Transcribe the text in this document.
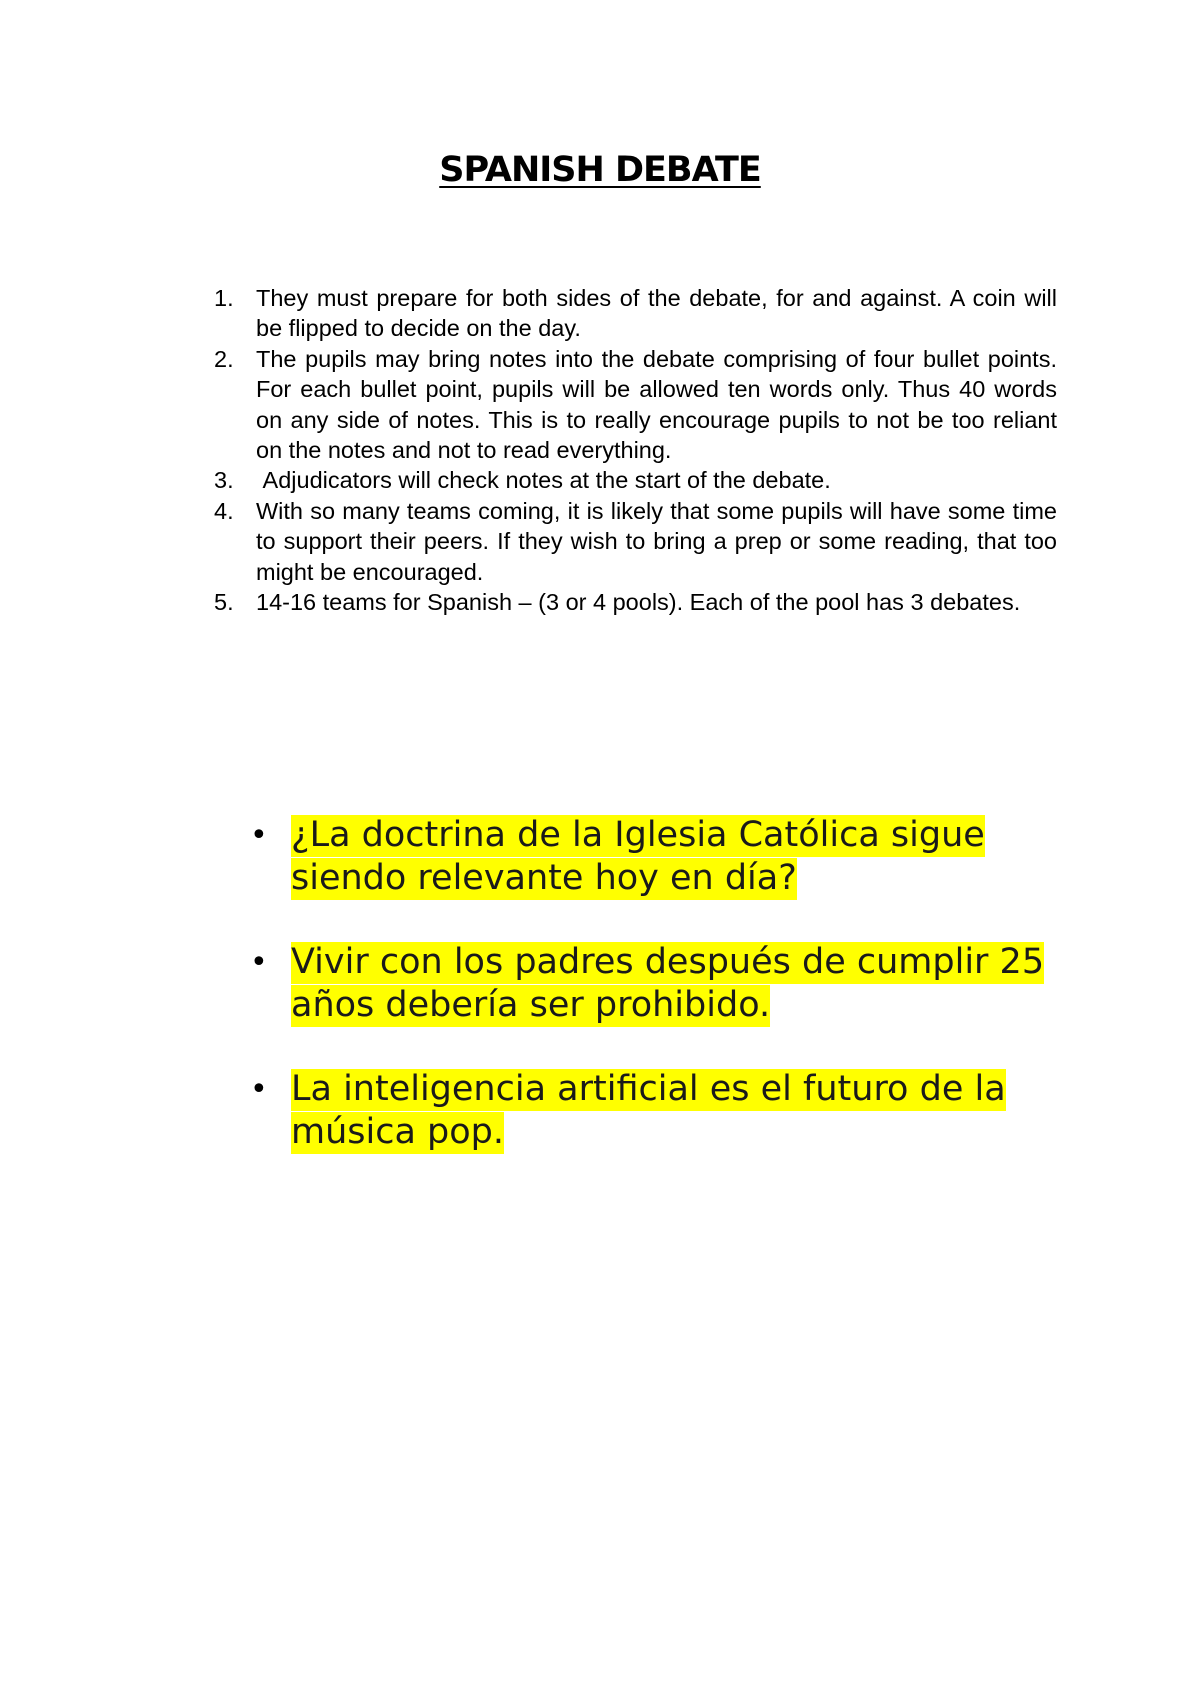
SPANISH DEBATE
1. They must prepare for both sides of the debate, for and against. A coin will be flipped to decide on the day.
2. The pupils may bring notes into the debate comprising of four bullet points. For each bullet point, pupils will be allowed ten words only. Thus 40 words on any side of notes. This is to really encourage pupils to not be too reliant on the notes and not to read everything.
3. Adjudicators will check notes at the start of the debate.
4. With so many teams coming, it is likely that some pupils will have some time to support their peers. If they wish to bring a prep or some reading, that too might be encouraged.
5. 14-16 teams for Spanish – (3 or 4 pools). Each of the pool has 3 debates.
• ¿La doctrina de la Iglesia Católica sigue siendo relevante hoy en día?
• Vivir con los padres después de cumplir 25 años debería ser prohibido.
• La inteligencia artificial es el futuro de la música pop.
